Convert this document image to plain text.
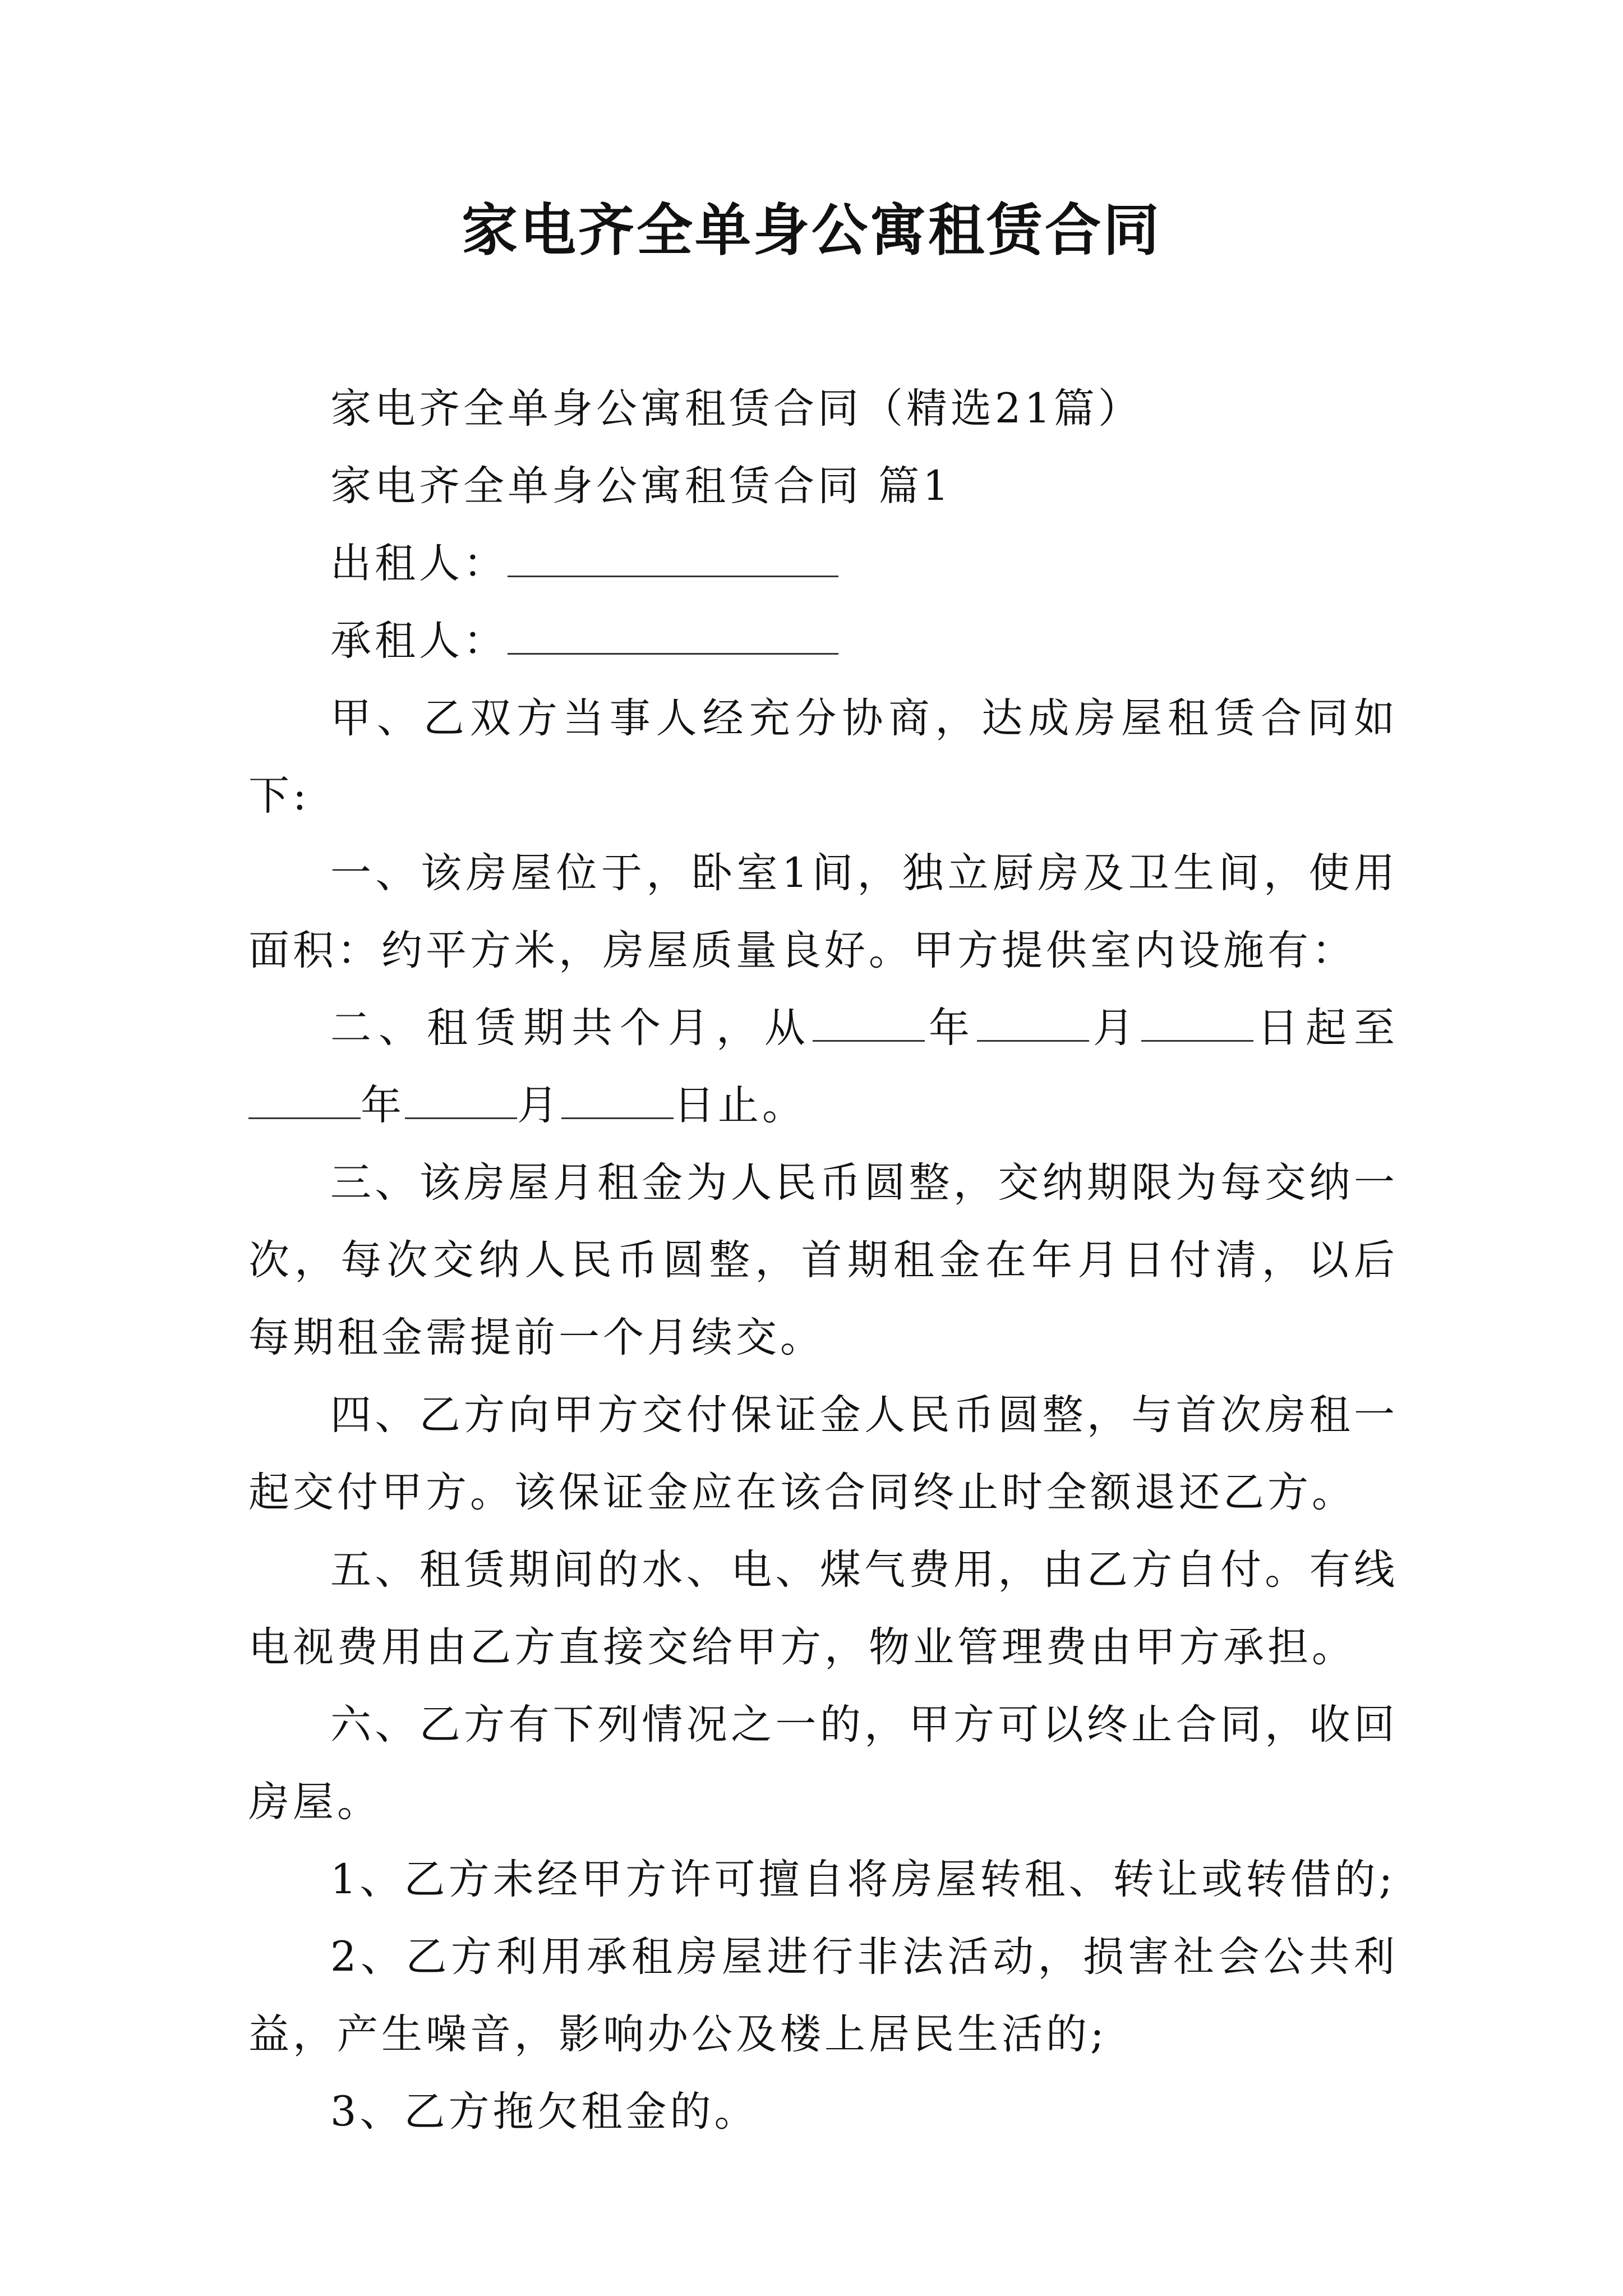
家电齐全单身公寓租赁合同

家电齐全单身公寓租赁合同（精选21篇）

家电齐全单身公寓租赁合同 篇1

出租人：

承租人：

甲、乙双方当事人经充分协商，达成房屋租赁合同如下:

一、该房屋位于，卧室1间，独立厨房及卫生间，使用面积：约平方米，房屋质量良好。甲方提供室内设施有：

二、租赁期共个月，从	年	月	日起至年	月	日止。

三、该房屋月租金为人民币圆整，交纳期限为每交纳一次，每次交纳人民币圆整，首期租金在年月日付清，以后每期租金需提前一个月续交。

四、乙方向甲方交付保证金人民币圆整，与首次房租一起交付甲方。该保证金应在该合同终止时全额退还乙方。

五、租赁期间的水、电、煤气费用，由乙方自付。有线电视费用由乙方直接交给甲方，物业管理费由甲方承担。

六、乙方有下列情况之一的，甲方可以终止合同，收回房屋。

1、乙方未经甲方许可擅自将房屋转租、转让或转借的;

2、乙方利用承租房屋进行非法活动，损害社会公共利益，产生噪音，影响办公及楼上居民生活的;

3、乙方拖欠租金的。
